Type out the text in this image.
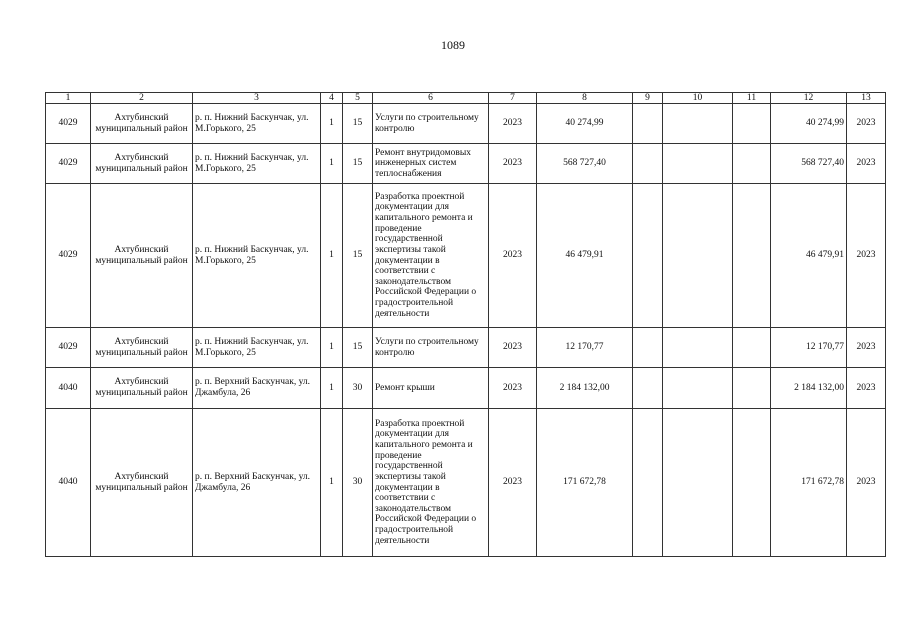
1089
1	2	3	4	5	6	7	8	9	10	11	12	13
4029	Ахтубинский муниципальный район	р. п. Нижний Баскунчак, ул. М.Горького, 25	1	15	Услуги по строительному контролю	2023	40 274,99				40 274,99	2023
4029	Ахтубинский муниципальный район	р. п. Нижний Баскунчак, ул. М.Горького, 25	1	15	Ремонт внутридомовых инженерных систем теплоснабжения	2023	568 727,40				568 727,40	2023
4029	Ахтубинский муниципальный район	р. п. Нижний Баскунчак, ул. М.Горького, 25	1	15	Разработка проектной документации для капитального ремонта и проведение государственной экспертизы такой документации в соответствии с законодательством Российской Федерации о градостроительной деятельности	2023	46 479,91				46 479,91	2023
4029	Ахтубинский муниципальный район	р. п. Нижний Баскунчак, ул. М.Горького, 25	1	15	Услуги по строительному контролю	2023	12 170,77				12 170,77	2023
4040	Ахтубинский муниципальный район	р. п. Верхний Баскунчак, ул. Джамбула, 26	1	30	Ремонт крыши	2023	2 184 132,00				2 184 132,00	2023
4040	Ахтубинский муниципальный район	р. п. Верхний Баскунчак, ул. Джамбула, 26	1	30	Разработка проектной документации для капитального ремонта и проведение государственной экспертизы такой документации в соответствии с законодательством Российской Федерации о градостроительной деятельности	2023	171 672,78				171 672,78	2023
